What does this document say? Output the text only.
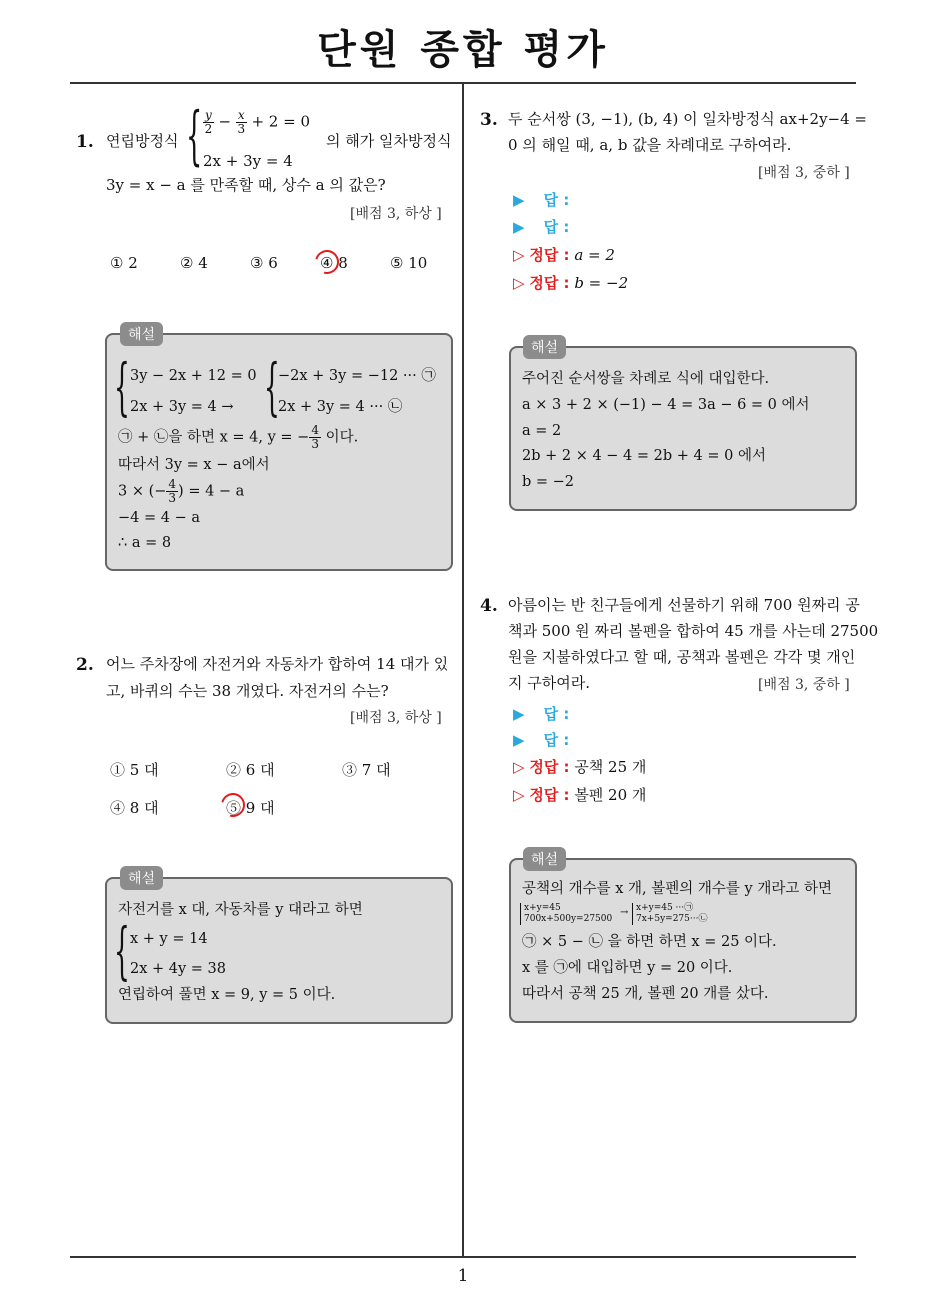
단원 종합 평가
1
1. 연립방정식 { $\frac{y}{2} - \frac{x}{3} + 2 = 0$
2x + 3y = 4
의 해가 일차방정식
3y = x − a 를 만족할 때, 상수 a 의 값은?
[배점 3, 하상 ]
① 2	② 4	③ 6	④ 8	⑤ 10
해설
{ 3y − 2x + 12 = 0
2x + 3y = 4 → {
−2x + 3y = −12 ··· ㉠
2x + 3y = 4 ··· ㉡
㉠ + ㉡을 하면 x = 4, y = − $\frac{4}{3}$ 이다.
따라서 3y = x − a에서
3 × (− $\frac{4}{3}$ ) = 4 − a
−4 = 4 − a
∴ a = 8
2. 어느 주차장에 자전거와 자동차가 합하여 14 대가 있
고, 바퀴의 수는 38 개였다. 자전거의 수는?
[배점 3, 하상 ]
① 5 대	② 6 대	③ 7 대
④ 8 대	⑤ 9 대
해설
자전거를 x 대, 자동차를 y 대라고 하면
{ x + y = 14
2x + 4y = 38
연립하여 풀면 x = 9, y = 5 이다.
3. 두 순서쌍 (3, −1), (b, 4) 이 일차방정식 ax+2y−4 =
0 의 해일 때, a, b 값을 차례대로 구하여라.
[배점 3, 중하 ]
▶ 답 :
▶ 답 :
▷ 정답 : a = 2
▷ 정답 : b = −2
해설
주어진 순서쌍을 차례로 식에 대입한다.
a × 3 + 2 × (−1) − 4 = 3a − 6 = 0 에서
a = 2
2b + 2 × 4 − 4 = 2b + 4 = 0 에서
b = −2
4. 아름이는 반 친구들에게 선물하기 위해 700 원짜리 공
책과 500 원 짜리 볼펜을 합하여 45 개를 사는데 27500
원을 지불하였다고 할 때, 공책과 볼펜은 각각 몇 개인
지 구하여라.	[배점 3, 중하 ]
▶ 답 :
▶ 답 :
▷ 정답 : 공책 25 개
▷ 정답 : 볼펜 20 개
해설
공책의 개수를 x 개, 볼펜의 개수를 y 개라고 하면
x+y=45
700x+500y=27500
→ x+y=45 ···㉠
7x+5y=275···㉡
㉠ × 5 − ㉡ 을 하면 하면 x = 25 이다.
x 를 ㉠에 대입하면 y = 20 이다.
따라서 공책 25 개, 볼펜 20 개를 샀다.
